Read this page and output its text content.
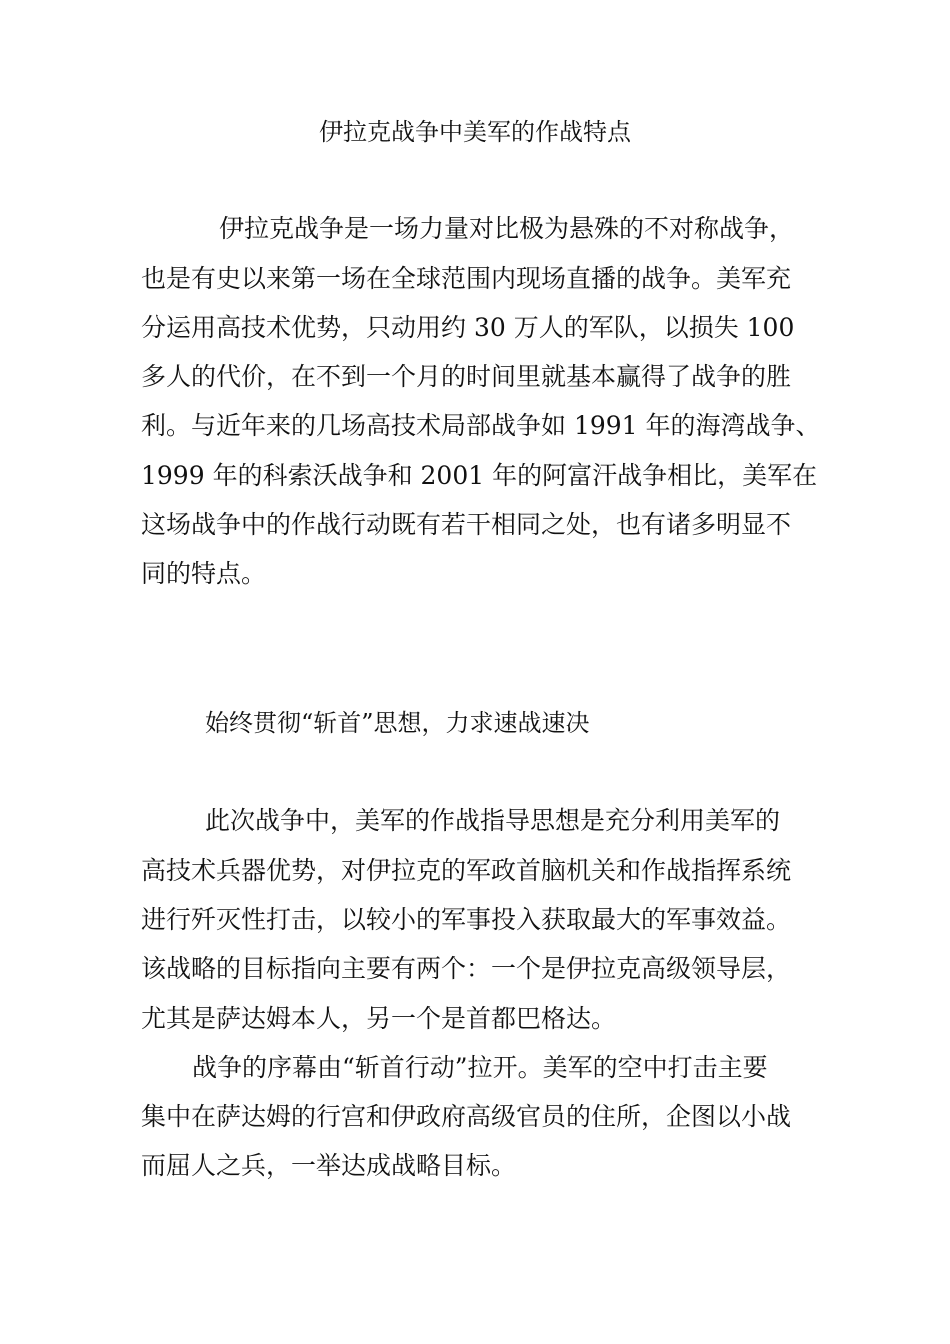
伊拉克战争中美军的作战特点
伊拉克战争是一场力量对比极为悬殊的不对称战争，
也是有史以来第一场在全球范围内现场直播的战争。美军充
分运用高技术优势，只动用约 30 万人的军队，以损失 100
多人的代价，在不到一个月的时间里就基本赢得了战争的胜
利。与近年来的几场高技术局部战争如 1991 年的海湾战争、
1999 年的科索沃战争和 2001 年的阿富汗战争相比，美军在
这场战争中的作战行动既有若干相同之处，也有诸多明显不
同的特点。
始终贯彻“斩首”思想，力求速战速决
此次战争中，美军的作战指导思想是充分利用美军的
高技术兵器优势，对伊拉克的军政首脑机关和作战指挥系统
进行歼灭性打击，以较小的军事投入获取最大的军事效益。
该战略的目标指向主要有两个：一个是伊拉克高级领导层，
尤其是萨达姆本人，另一个是首都巴格达。
战争的序幕由“斩首行动”拉开。美军的空中打击主要
集中在萨达姆的行宫和伊政府高级官员的住所，企图以小战
而屈人之兵，一举达成战略目标。
